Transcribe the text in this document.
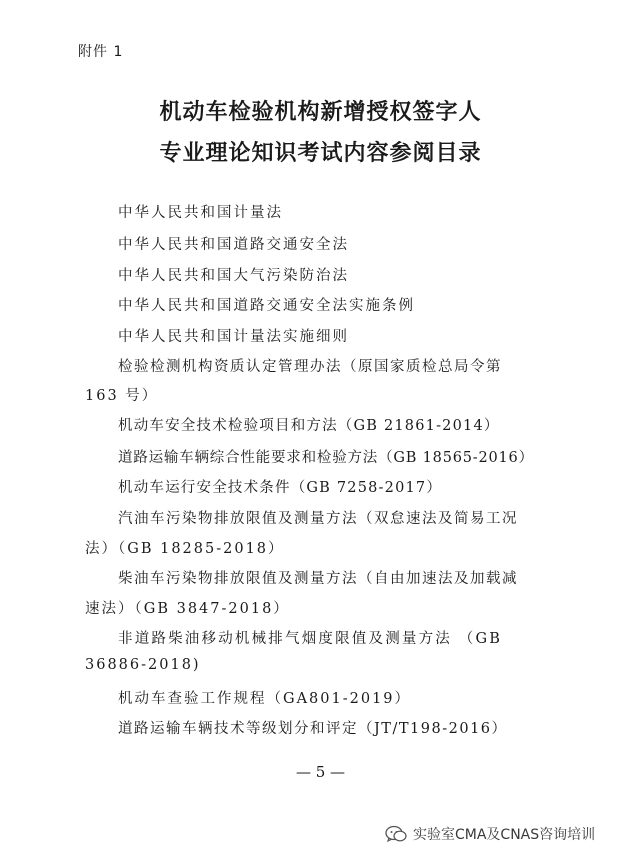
附件 1
机动车检验机构新增授权签字人
专业理论知识考试内容参阅目录
中华人民共和国计量法
中华人民共和国道路交通安全法
中华人民共和国大气污染防治法
中华人民共和国道路交通安全法实施条例
中华人民共和国计量法实施细则
检验检测机构资质认定管理办法（原国家质检总局令第
163 号）
机动车安全技术检验项目和方法（GB 21861-2014）
道路运输车辆综合性能要求和检验方法（GB 18565-2016）
机动车运行安全技术条件（GB 7258-2017）
汽油车污染物排放限值及测量方法（双怠速法及简易工况
法）（GB 18285-2018）
柴油车污染物排放限值及测量方法（自由加速法及加载减
速法）（GB 3847-2018）
非道路柴油移动机械排气烟度限值及测量方法 （GB
36886-2018)
机动车查验工作规程（GA801-2019）
道路运输车辆技术等级划分和评定（JT/T198-2016）
— 5 —
实验室CMA及CNAS咨询培训
